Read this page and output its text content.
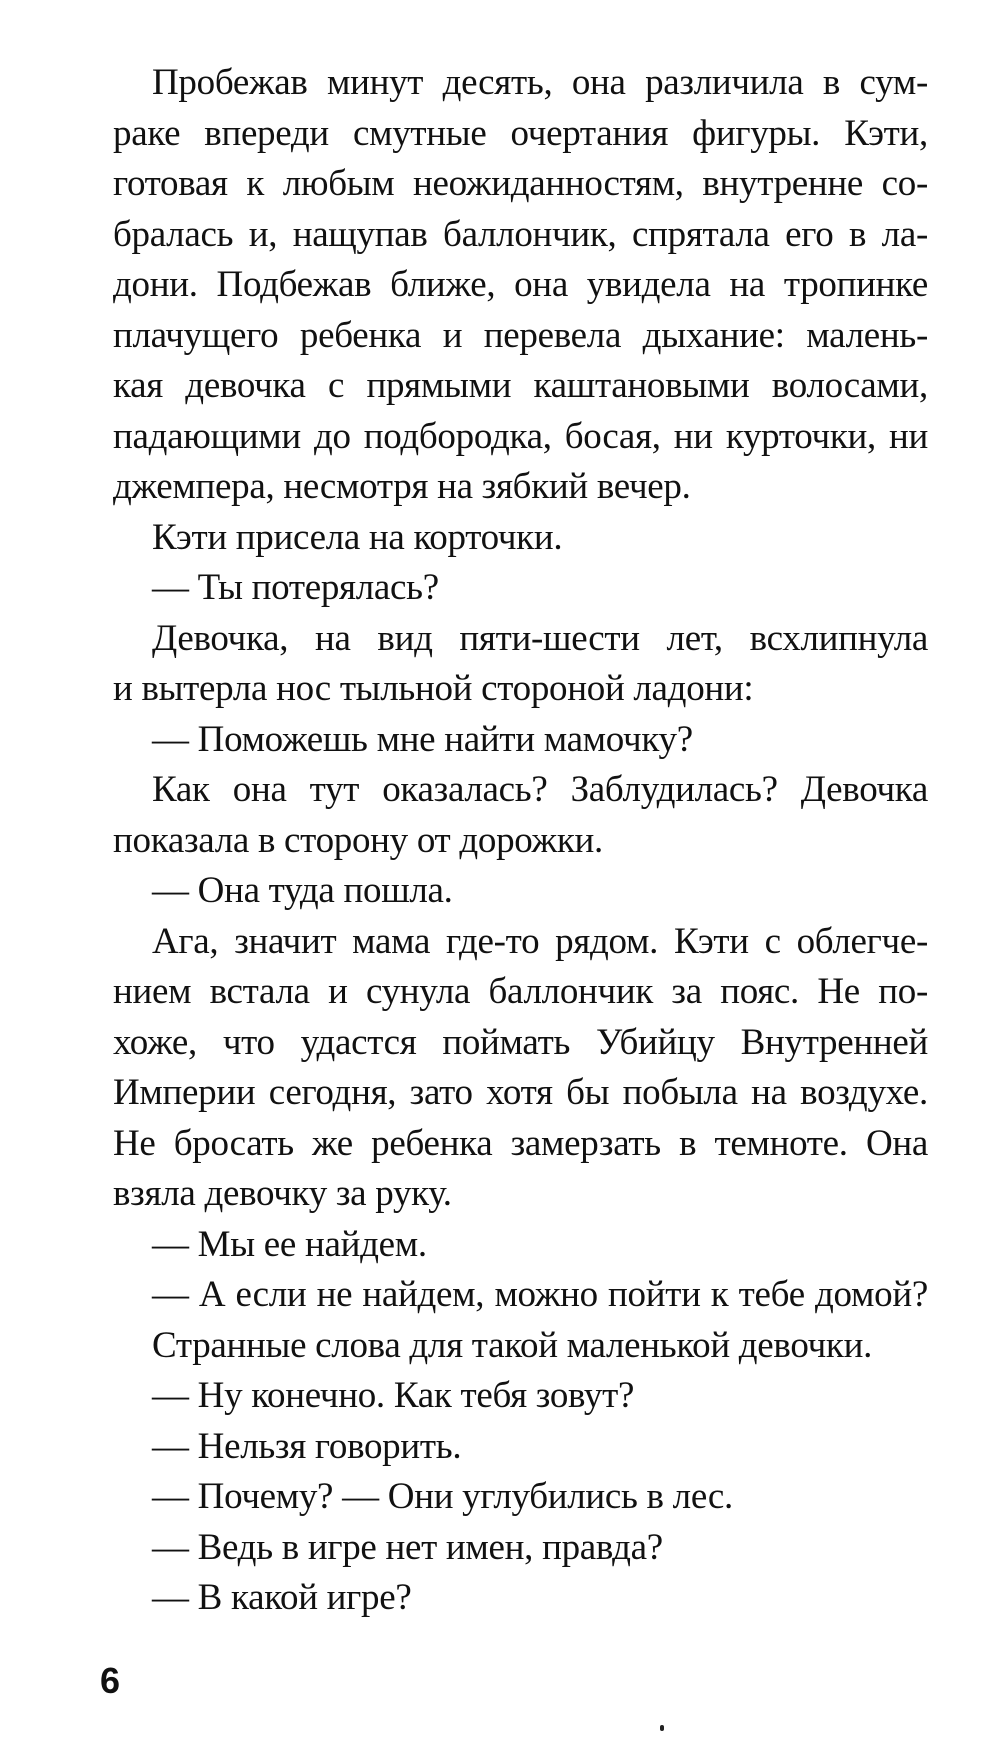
Пробежав минут десять, она различила в сум-
раке впереди смутные очертания фигуры. Кэти,
готовая к любым неожиданностям, внутренне со-
бралась и, нащупав баллончик, спрятала его в ла-
дони. Подбежав ближе, она увидела на тропинке
плачущего ребенка и перевела дыхание: малень-
кая девочка с прямыми каштановыми волосами,
падающими до подбородка, босая, ни курточки, ни
джемпера, несмотря на зябкий вечер.
Кэти присела на корточки.
— Ты потерялась?
Девочка, на вид пяти-шести лет, всхлипнула
и вытерла нос тыльной стороной ладони:
— Поможешь мне найти мамочку?
Как она тут оказалась? Заблудилась? Девочка
показала в сторону от дорожки.
— Она туда пошла.
Ага, значит мама где-то рядом. Кэти с облегче-
нием встала и сунула баллончик за пояс. Не по-
хоже, что удастся поймать Убийцу Внутренней
Империи сегодня, зато хотя бы побыла на воздухе.
Не бросать же ребенка замерзать в темноте. Она
взяла девочку за руку.
— Мы ее найдем.
— А если не найдем, можно пойти к тебе домой?
Странные слова для такой маленькой девочки.
— Ну конечно. Как тебя зовут?
— Нельзя говорить.
— Почему? — Они углубились в лес.
— Ведь в игре нет имен, правда?
— В какой игре?
6
